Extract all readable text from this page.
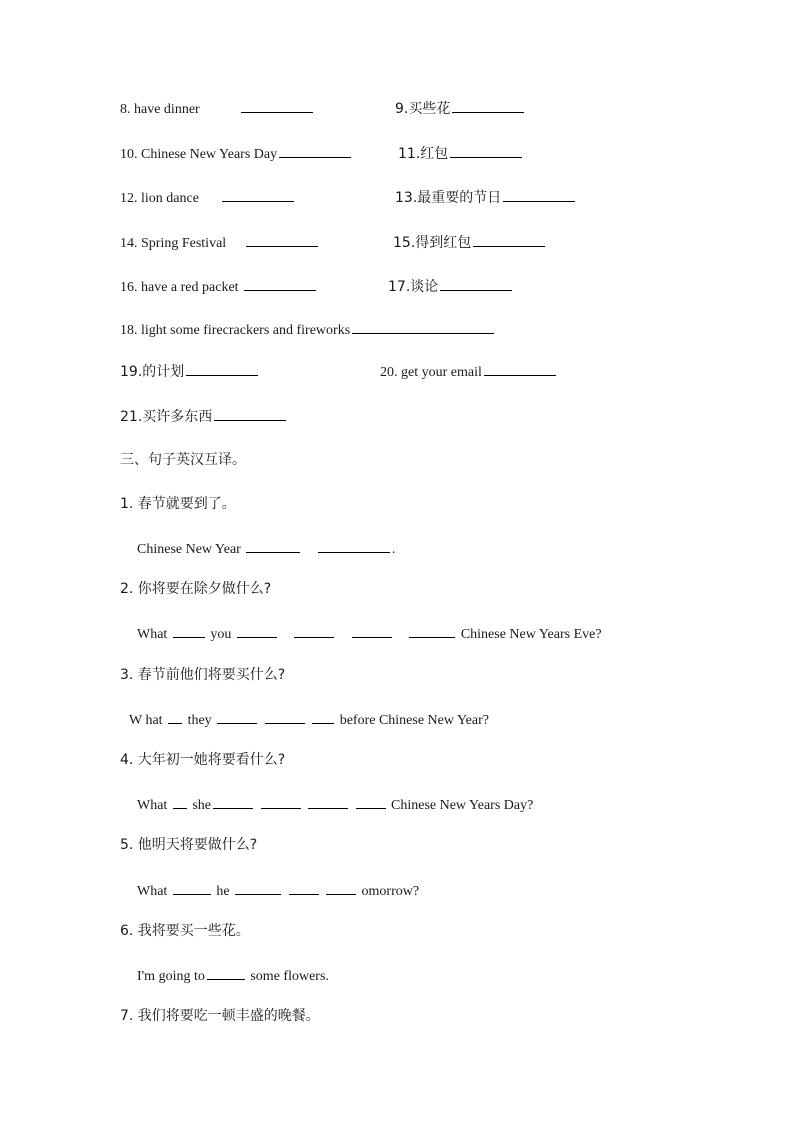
8. have dinner	9.买些花
10. Chinese New Years Day	11.红包
12. lion dance	13.最重要的节日
14. Spring Festival	15.得到红包
16. have a red packet	17.谈论
18. light some firecrackers and fireworks
19.的计划	20. get your email
21.买许多东西
三、句子英汉互译。
1. 春节就要到了。
Chinese New Year	.
2. 你将要在除夕做什么?
What	you	Chinese New Years Eve?
3. 春节前他们将要买什么?
W hat they	before Chinese New Year?
4. 大年初一她将要看什么?
What she	Chinese New Years Day?
5. 他明天将要做什么?
What	he	omorrow?
6. 我将要买一些花。
I'm going to	some flowers.
7. 我们将要吃一顿丰盛的晚餐。
